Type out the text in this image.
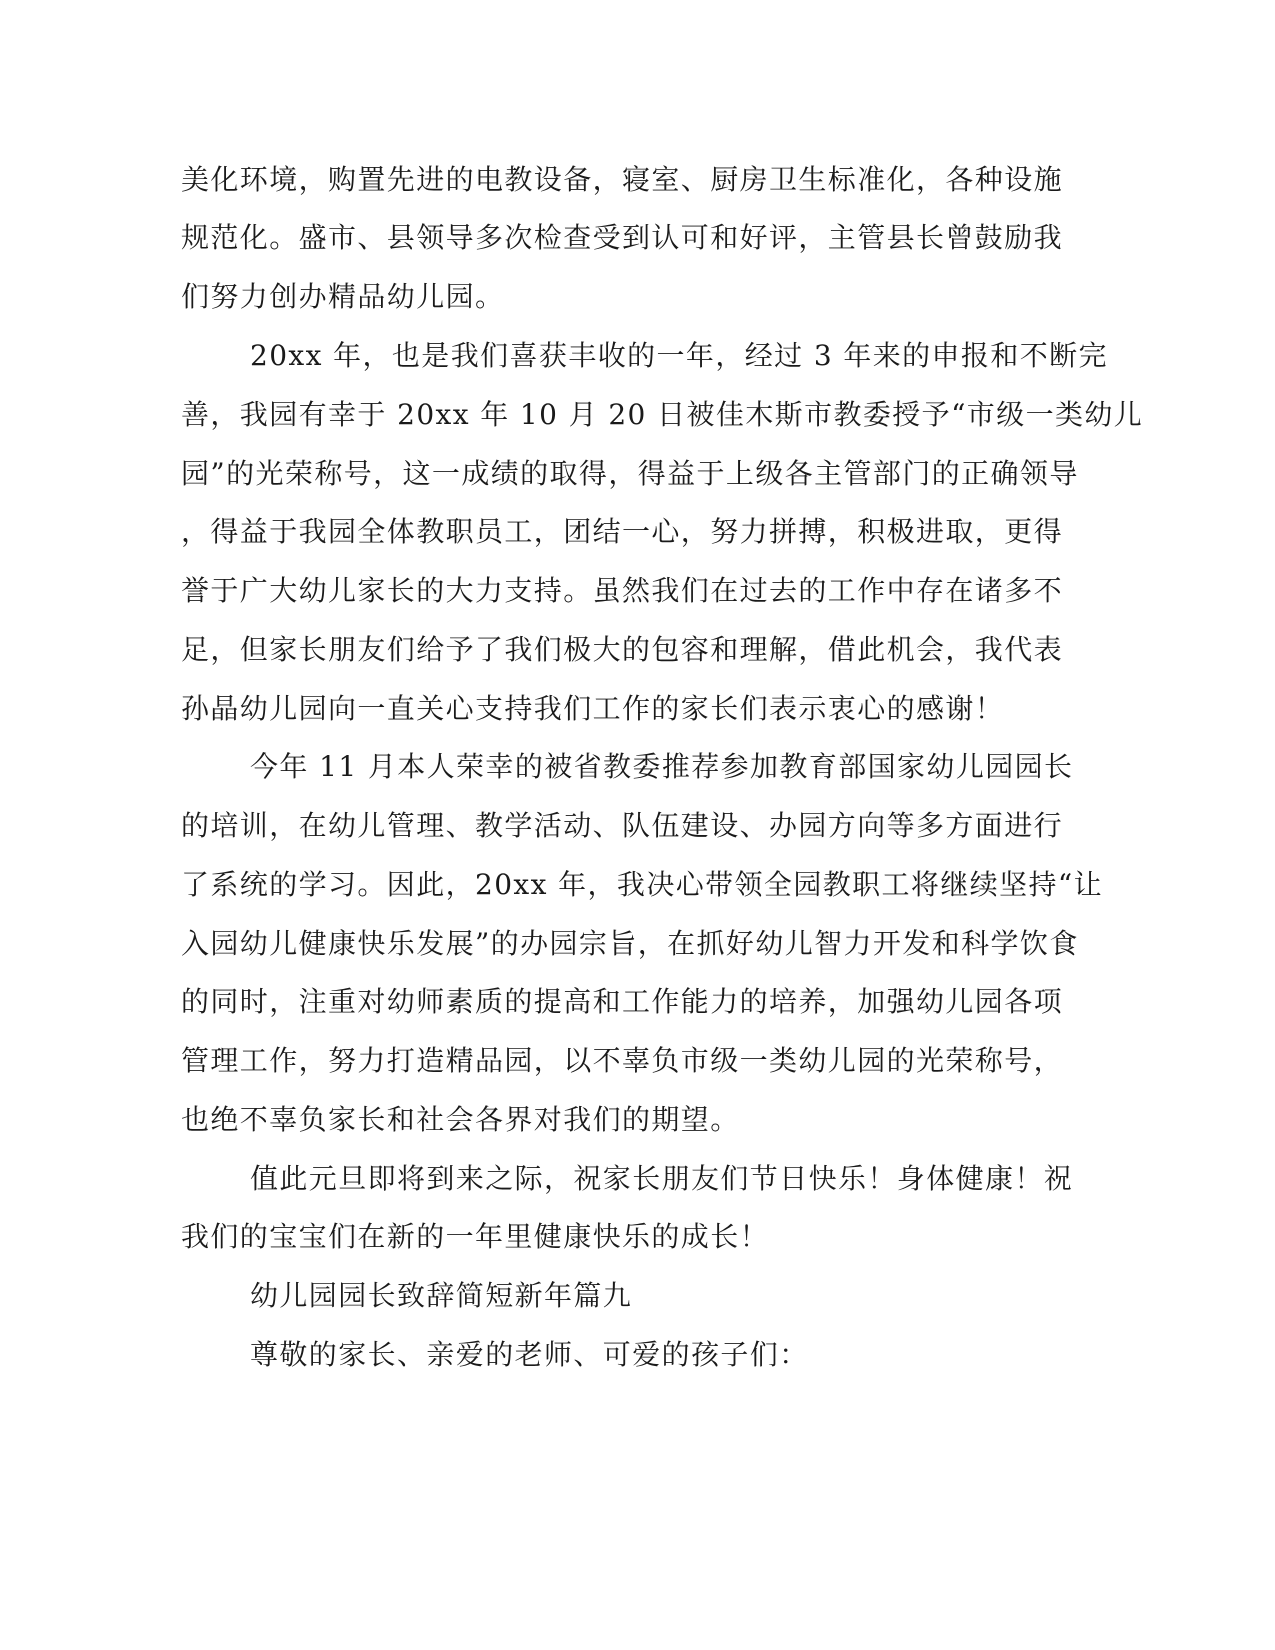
美化环境，购置先进的电教设备，寝室、厨房卫生标准化，各种设施
规范化。盛市、县领导多次检查受到认可和好评，主管县长曾鼓励我
们努力创办精品幼儿园。
20xx 年，也是我们喜获丰收的一年，经过 3 年来的申报和不断完
善，我园有幸于 20xx 年 10 月 20 日被佳木斯市教委授予“市级一类幼儿
园”的光荣称号，这一成绩的取得，得益于上级各主管部门的正确领导
，得益于我园全体教职员工，团结一心，努力拼搏，积极进取，更得
誉于广大幼儿家长的大力支持。虽然我们在过去的工作中存在诸多不
足，但家长朋友们给予了我们极大的包容和理解，借此机会，我代表
孙晶幼儿园向一直关心支持我们工作的家长们表示衷心的感谢！
今年 11 月本人荣幸的被省教委推荐参加教育部国家幼儿园园长
的培训，在幼儿管理、教学活动、队伍建设、办园方向等多方面进行
了系统的学习。因此，20xx 年，我决心带领全园教职工将继续坚持“让
入园幼儿健康快乐发展”的办园宗旨，在抓好幼儿智力开发和科学饮食
的同时，注重对幼师素质的提高和工作能力的培养，加强幼儿园各项
管理工作，努力打造精品园，以不辜负市级一类幼儿园的光荣称号，
也绝不辜负家长和社会各界对我们的期望。
值此元旦即将到来之际，祝家长朋友们节日快乐！身体健康！祝
我们的宝宝们在新的一年里健康快乐的成长！
幼儿园园长致辞简短新年篇九
尊敬的家长、亲爱的老师、可爱的孩子们：
